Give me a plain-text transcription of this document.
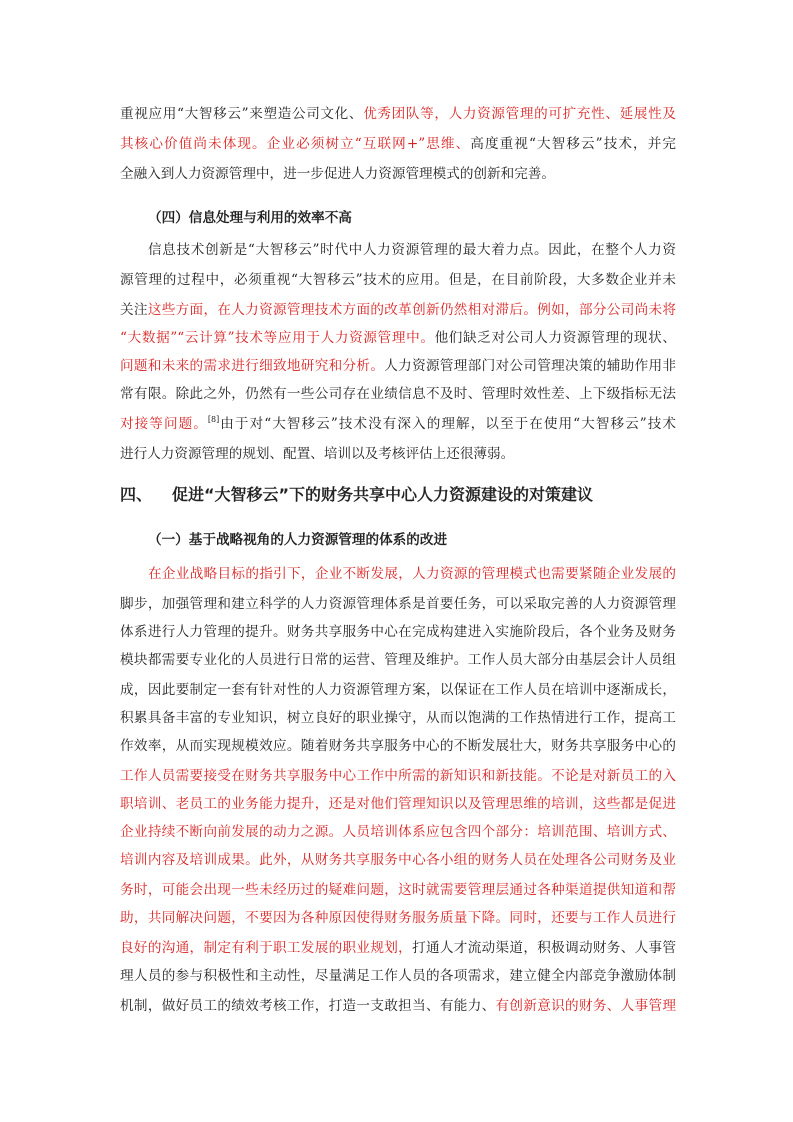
重视应用“大智移云”来塑造公司文化、优秀团队等，人力资源管理的可扩充性、延展性及
其核心价值尚未体现。企业必须树立“互联网+”思维、高度重视“大智移云”技术，并完
全融入到人力资源管理中，进一步促进人力资源管理模式的创新和完善。
（四）信息处理与利用的效率不高
信息技术创新是“大智移云”时代中人力资源管理的最大着力点。因此，在整个人力资
源管理的过程中，必须重视“大智移云”技术的应用。但是，在目前阶段，大多数企业并未
关注这些方面，在人力资源管理技术方面的改革创新仍然相对滞后。例如，部分公司尚未将
“大数据”“云计算”技术等应用于人力资源管理中。他们缺乏对公司人力资源管理的现状、
问题和未来的需求进行细致地研究和分析。人力资源管理部门对公司管理决策的辅助作用非
常有限。除此之外，仍然有一些公司存在业绩信息不及时、管理时效性差、上下级指标无法
对接等问题。[8]由于对“大智移云”技术没有深入的理解，以至于在使用“大智移云”技术
进行人力资源管理的规划、配置、培训以及考核评估上还很薄弱。
四、 促进“大智移云”下的财务共享中心人力资源建设的对策建议
（一）基于战略视角的人力资源管理的体系的改进
在企业战略目标的指引下，企业不断发展，人力资源的管理模式也需要紧随企业发展的
脚步，加强管理和建立科学的人力资源管理体系是首要任务，可以采取完善的人力资源管理
体系进行人力管理的提升。财务共享服务中心在完成构建进入实施阶段后，各个业务及财务
模块都需要专业化的人员进行日常的运营、管理及维护。工作人员大部分由基层会计人员组
成，因此要制定一套有针对性的人力资源管理方案，以保证在工作人员在培训中逐渐成长，
积累具备丰富的专业知识，树立良好的职业操守，从而以饱满的工作热情进行工作，提高工
作效率，从而实现规模效应。随着财务共享服务中心的不断发展壮大，财务共享服务中心的
工作人员需要接受在财务共享服务中心工作中所需的新知识和新技能。不论是对新员工的入
职培训、老员工的业务能力提升，还是对他们管理知识以及管理思维的培训，这些都是促进
企业持续不断向前发展的动力之源。人员培训体系应包含四个部分：培训范围、培训方式、
培训内容及培训成果。此外，从财务共享服务中心各小组的财务人员在处理各公司财务及业
务时，可能会出现一些未经历过的疑难问题，这时就需要管理层通过各种渠道提供知道和帮
助，共同解决问题，不要因为各种原因使得财务服务质量下降。同时，还要与工作人员进行
良好的沟通，制定有利于职工发展的职业规划，打通人才流动渠道，积极调动财务、人事管
理人员的参与积极性和主动性，尽量满足工作人员的各项需求，建立健全内部竞争激励体制
机制，做好员工的绩效考核工作，打造一支敢担当、有能力、有创新意识的财务、人事管理
